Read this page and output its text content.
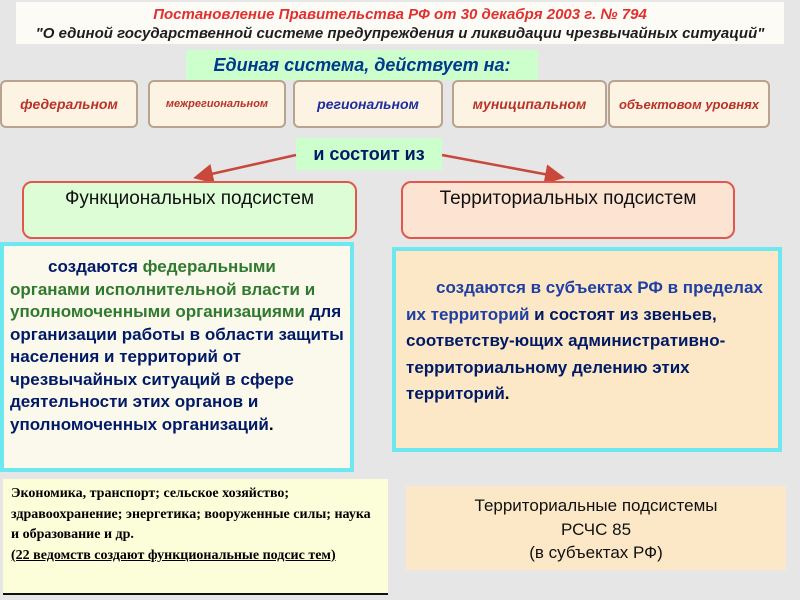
Постановление Правительства РФ от 30 декабря 2003 г. № 794
"О единой государственной системе предупреждения и ликвидации чрезвычайных ситуаций"
Единая система, действует на:
федеральном	межрегиональном	региональном	муниципальном	объектовом уровнях
и состоит из
Функциональных подсистем	Территориальных подсистем
создаются федеральными органами исполнительной власти и уполномоченными организациями для организации работы в области защиты населения и территорий от чрезвычайных ситуаций в сфере деятельности этих органов и уполномоченных организаций.
создаются в субъектах РФ в пределах их территорий и состоят из звеньев, соответству-ющих административно-территориальному делению этих территорий.
Экономика, транспорт; сельское хозяйство; здравоохранение; энергетика; вооруженные силы; наука и образование и др.
(22 ведомств создают функциональные подсис тем)
Территориальные подсистемы
РСЧС 85
(в субъектах РФ)
